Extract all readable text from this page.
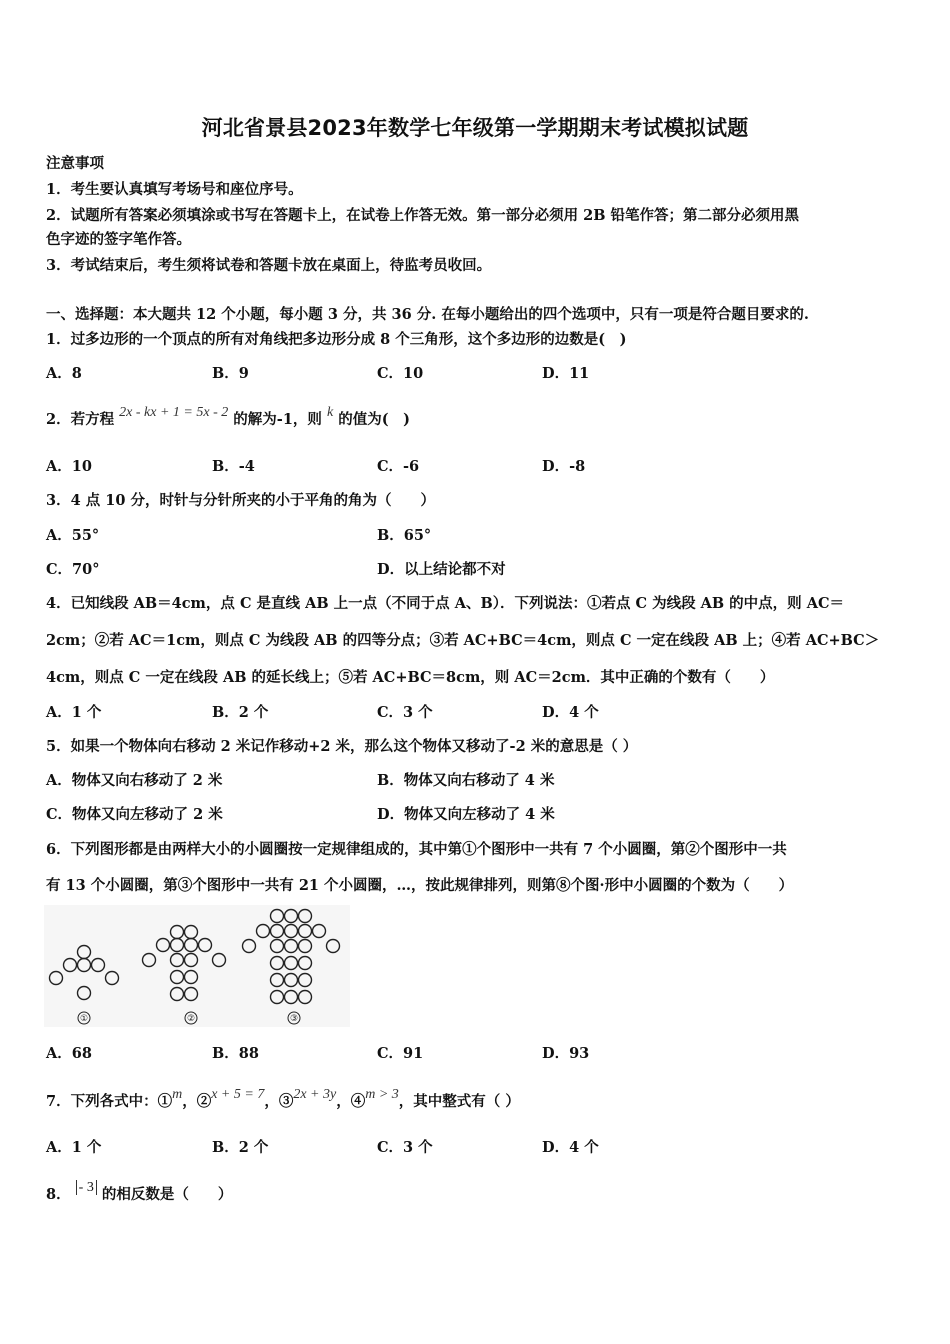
河北省景县2023年数学七年级第一学期期末考试模拟试题
注意事项
1．考生要认真填写考场号和座位序号。
2．试题所有答案必须填涂或书写在答题卡上，在试卷上作答无效。第一部分必须用 2B 铅笔作答；第二部分必须用黑
色字迹的签字笔作答。
3．考试结束后，考生须将试卷和答题卡放在桌面上，待监考员收回。
一、选择题：本大题共 12 个小题，每小题 3 分，共 36 分. 在每小题给出的四个选项中，只有一项是符合题目要求的.
1．过多边形的一个顶点的所有对角线把多边形分成 8 个三角形，这个多边形的边数是(　)
A．8	B．9	C．10	D．11
2．若方程 2x - kx + 1 = 5x - 2 的解为-1，则 k 的值为(　)
A．10	B．-4	C．-6	D．-8
3．4 点 10 分，时针与分针所夹的小于平角的角为（　　）
A．55°	B．65°
C．70°	D．以上结论都不对
4．已知线段 AB＝4cm，点 C 是直线 AB 上一点（不同于点 A、B）．下列说法：①若点 C 为线段 AB 的中点，则 AC＝
2cm；②若 AC＝1cm，则点 C 为线段 AB 的四等分点；③若 AC+BC＝4cm，则点 C 一定在线段 AB 上；④若 AC+BC＞
4cm，则点 C 一定在线段 AB 的延长线上；⑤若 AC+BC＝8cm，则 AC＝2cm．其中正确的个数有（　　）
A．1 个	B．2 个	C．3 个	D．4 个
5．如果一个物体向右移动 2 米记作移动+2 米，那么这个物体又移动了-2 米的意思是（ ）
A．物体又向右移动了 2 米	B．物体又向右移动了 4 米
C．物体又向左移动了 2 米	D．物体又向左移动了 4 米
6．下列图形都是由两样大小的小圆圈按一定规律组成的，其中第①个图形中一共有 7 个小圆圈，第②个图形中一共
有 13 个小圆圈，第③个图形中一共有 21 个小圆圈，…，按此规律排列，则第⑧个图·形中小圆圈的个数为（　　）
①	②	③
A．68	B．88	C．91	D．93
7．下列各式中：①m，②x + 5 = 7，③2x + 3y，④m > 3，其中整式有（ ）
A．1 个	B．2 个	C．3 个	D．4 个
8． - 3 的相反数是（　　）
